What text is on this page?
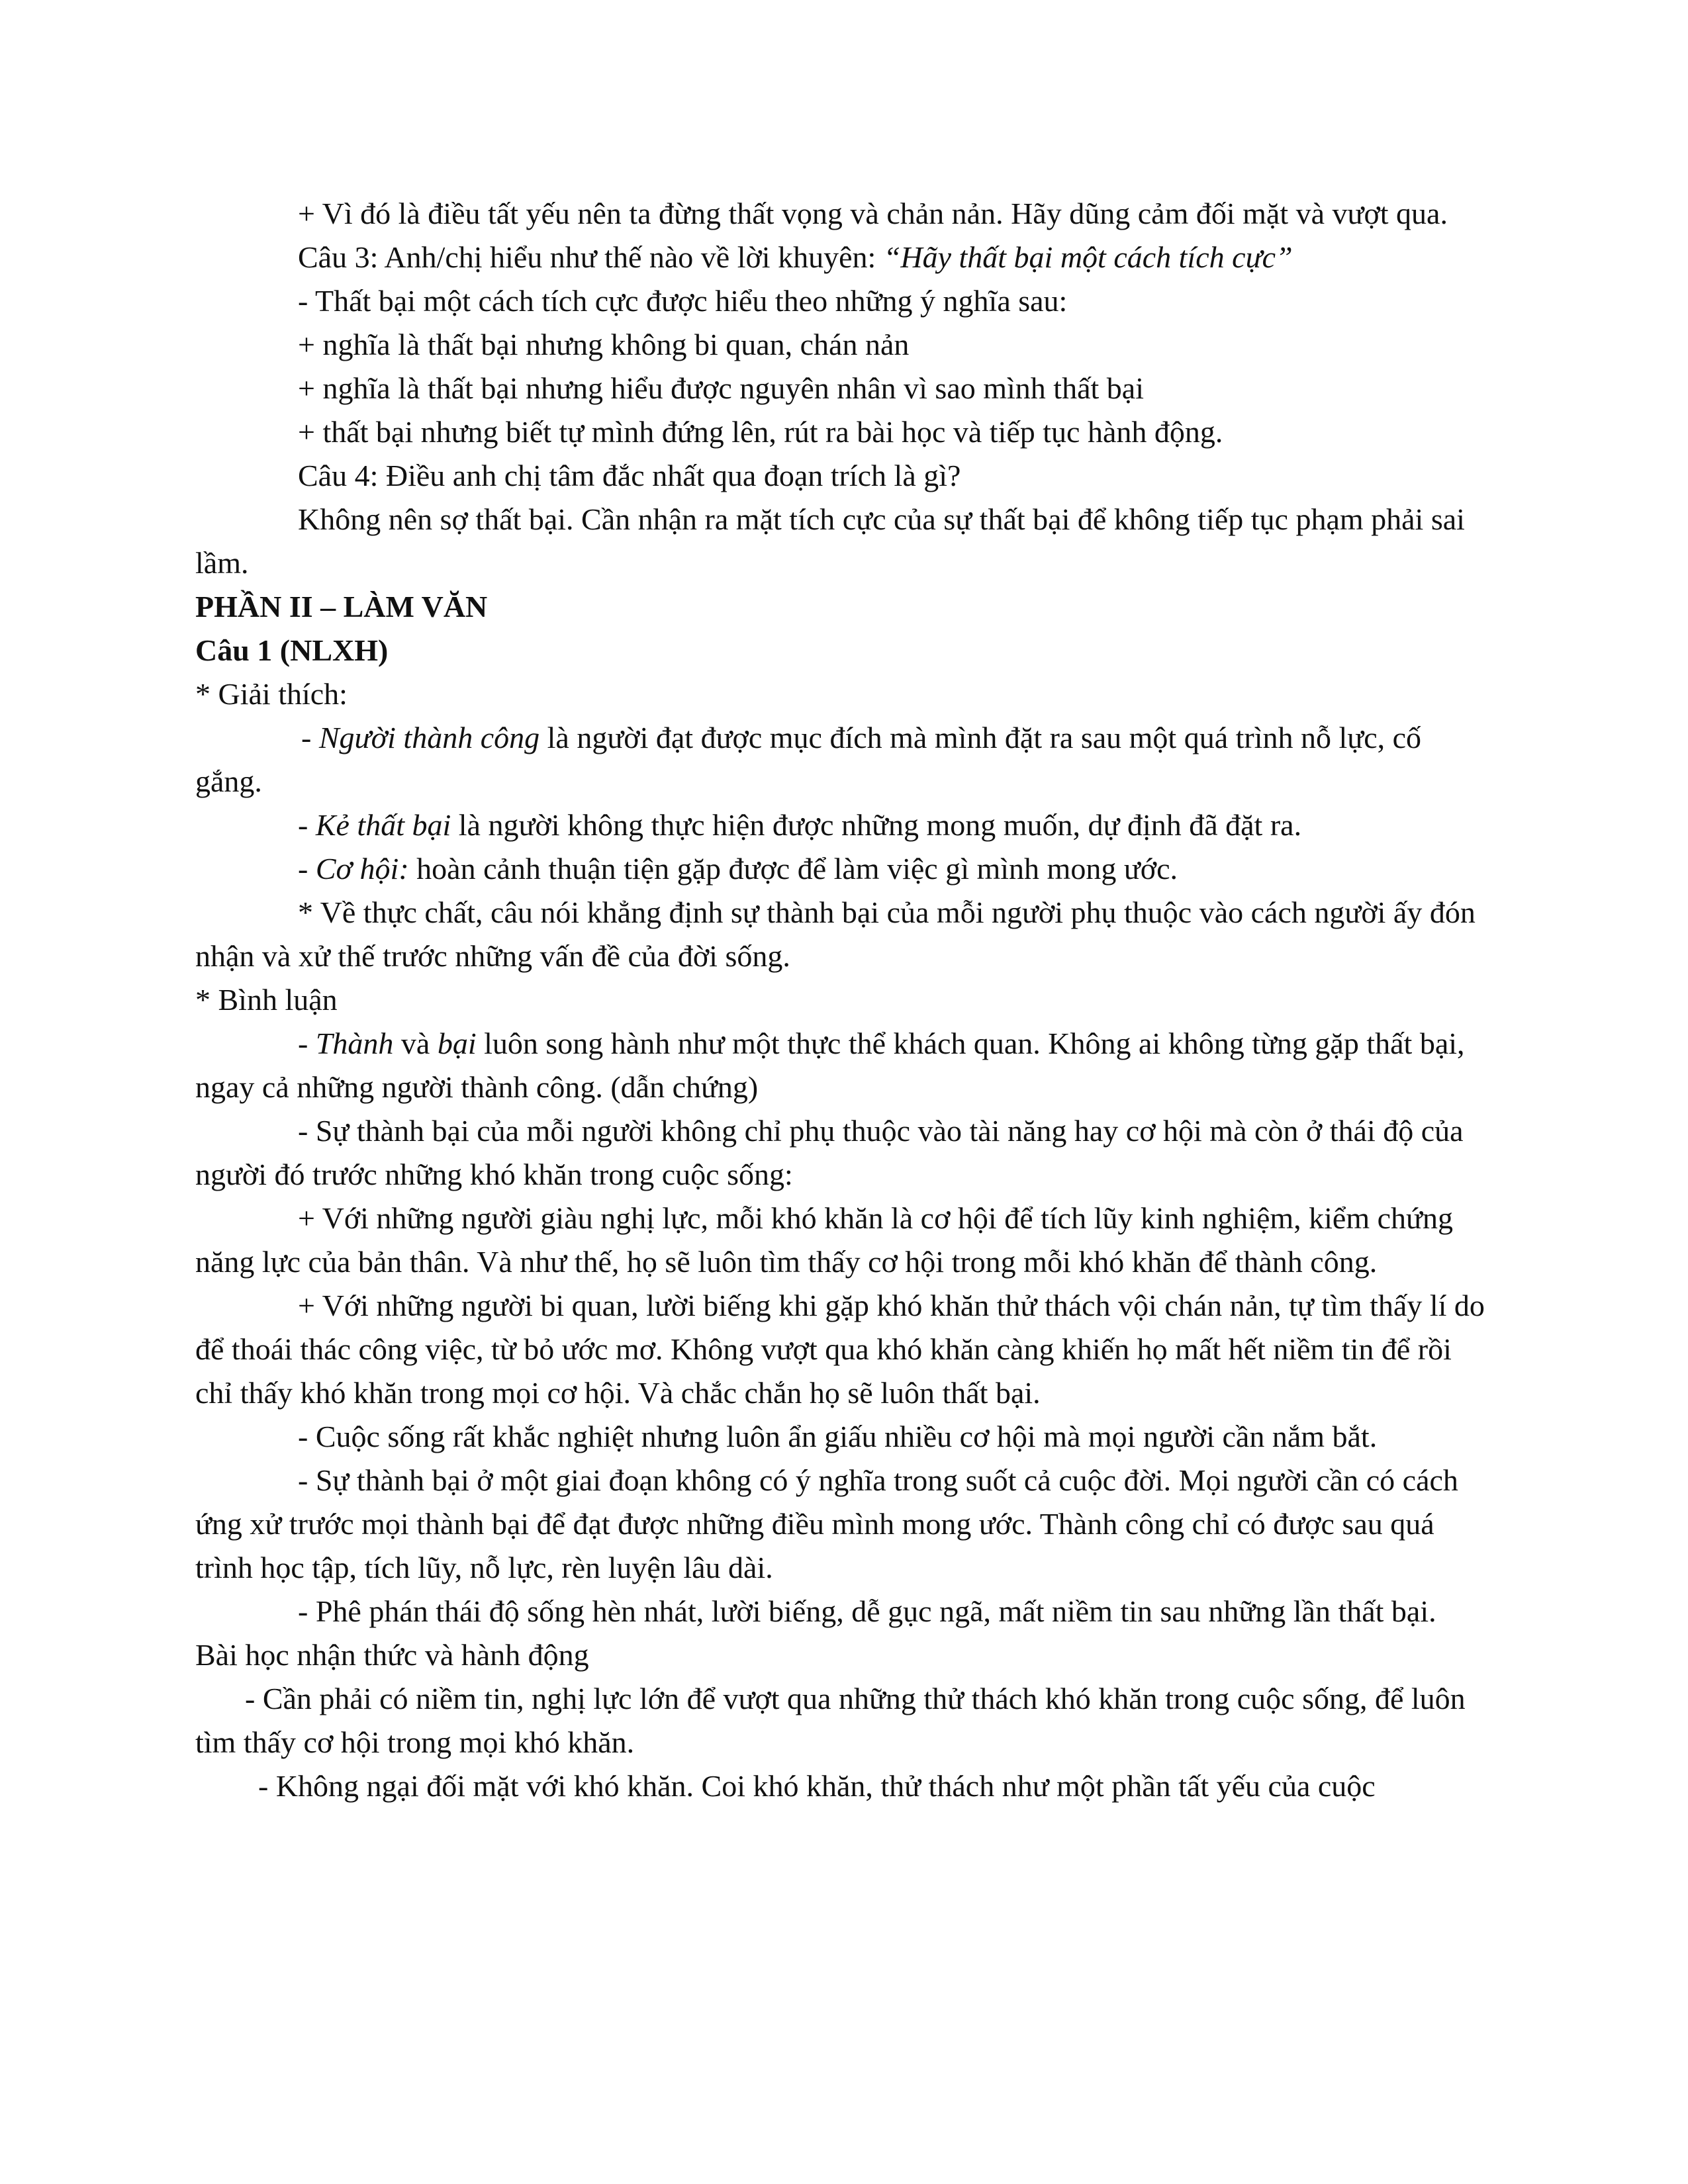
+ Vì đó là điều tất yếu nên ta đừng thất vọng và chản nản. Hãy dũng cảm đối mặt và vượt qua.

Câu 3: Anh/chị hiểu như thế nào về lời khuyên: “Hãy thất bại một cách tích cực”

- Thất bại một cách tích cực được hiểu theo những ý nghĩa sau:

+ nghĩa là thất bại nhưng không bi quan, chán nản

+ nghĩa là thất bại nhưng hiểu được nguyên nhân vì sao mình thất bại

+ thất bại nhưng biết tự mình đứng lên, rút ra bài học và tiếp tục hành động.

Câu 4: Điều anh chị tâm đắc nhất qua đoạn trích là gì?

Không nên sợ thất bại. Cần nhận ra mặt tích cực của sự thất bại để không tiếp tục phạm phải sai lầm.

PHẦN II – LÀM VĂN

Câu 1 (NLXH)

* Giải thích:

- Người thành công là người đạt được mục đích mà mình đặt ra sau một quá trình nỗ lực, cố gắng.

- Kẻ thất bại là người không thực hiện được những mong muốn, dự định đã đặt ra.

- Cơ hội: hoàn cảnh thuận tiện gặp được để làm việc gì mình mong ước.

* Về thực chất, câu nói khẳng định sự thành bại của mỗi người phụ thuộc vào cách người ấy đón nhận và xử thế trước những vấn đề của đời sống.

* Bình luận

- Thành và bại luôn song hành như một thực thể khách quan. Không ai không từng gặp thất bại, ngay cả những người thành công. (dẫn chứng)

- Sự thành bại của mỗi người không chỉ phụ thuộc vào tài năng hay cơ hội mà còn ở thái độ của người đó trước những khó khăn trong cuộc sống:

+ Với những người giàu nghị lực, mỗi khó khăn là cơ hội để tích lũy kinh nghiệm, kiểm chứng năng lực của bản thân. Và như thế, họ sẽ luôn tìm thấy cơ hội trong mỗi khó khăn để thành công.

+ Với những người bi quan, lười biếng khi gặp khó khăn thử thách vội chán nản, tự tìm thấy lí do để thoái thác công việc, từ bỏ ước mơ. Không vượt qua khó khăn càng khiến họ mất hết niềm tin để rồi chỉ thấy khó khăn trong mọi cơ hội. Và chắc chắn họ sẽ luôn thất bại.

- Cuộc sống rất khắc nghiệt nhưng luôn ẩn giấu nhiều cơ hội mà mọi người cần nắm bắt.

- Sự thành bại ở một giai đoạn không có ý nghĩa trong suốt cả cuộc đời. Mọi người cần có cách ứng xử trước mọi thành bại để đạt được những điều mình mong ước. Thành công chỉ có được sau quá trình học tập, tích lũy, nỗ lực, rèn luyện lâu dài.

- Phê phán thái độ sống hèn nhát, lười biếng, dễ gục ngã, mất niềm tin sau những lần thất bại.

Bài học nhận thức và hành động

- Cần phải có niềm tin, nghị lực lớn để vượt qua những thử thách khó khăn trong cuộc sống, để luôn tìm thấy cơ hội trong mọi khó khăn.

- Không ngại đối mặt với khó khăn. Coi khó khăn, thử thách như một phần tất yếu của cuộc
